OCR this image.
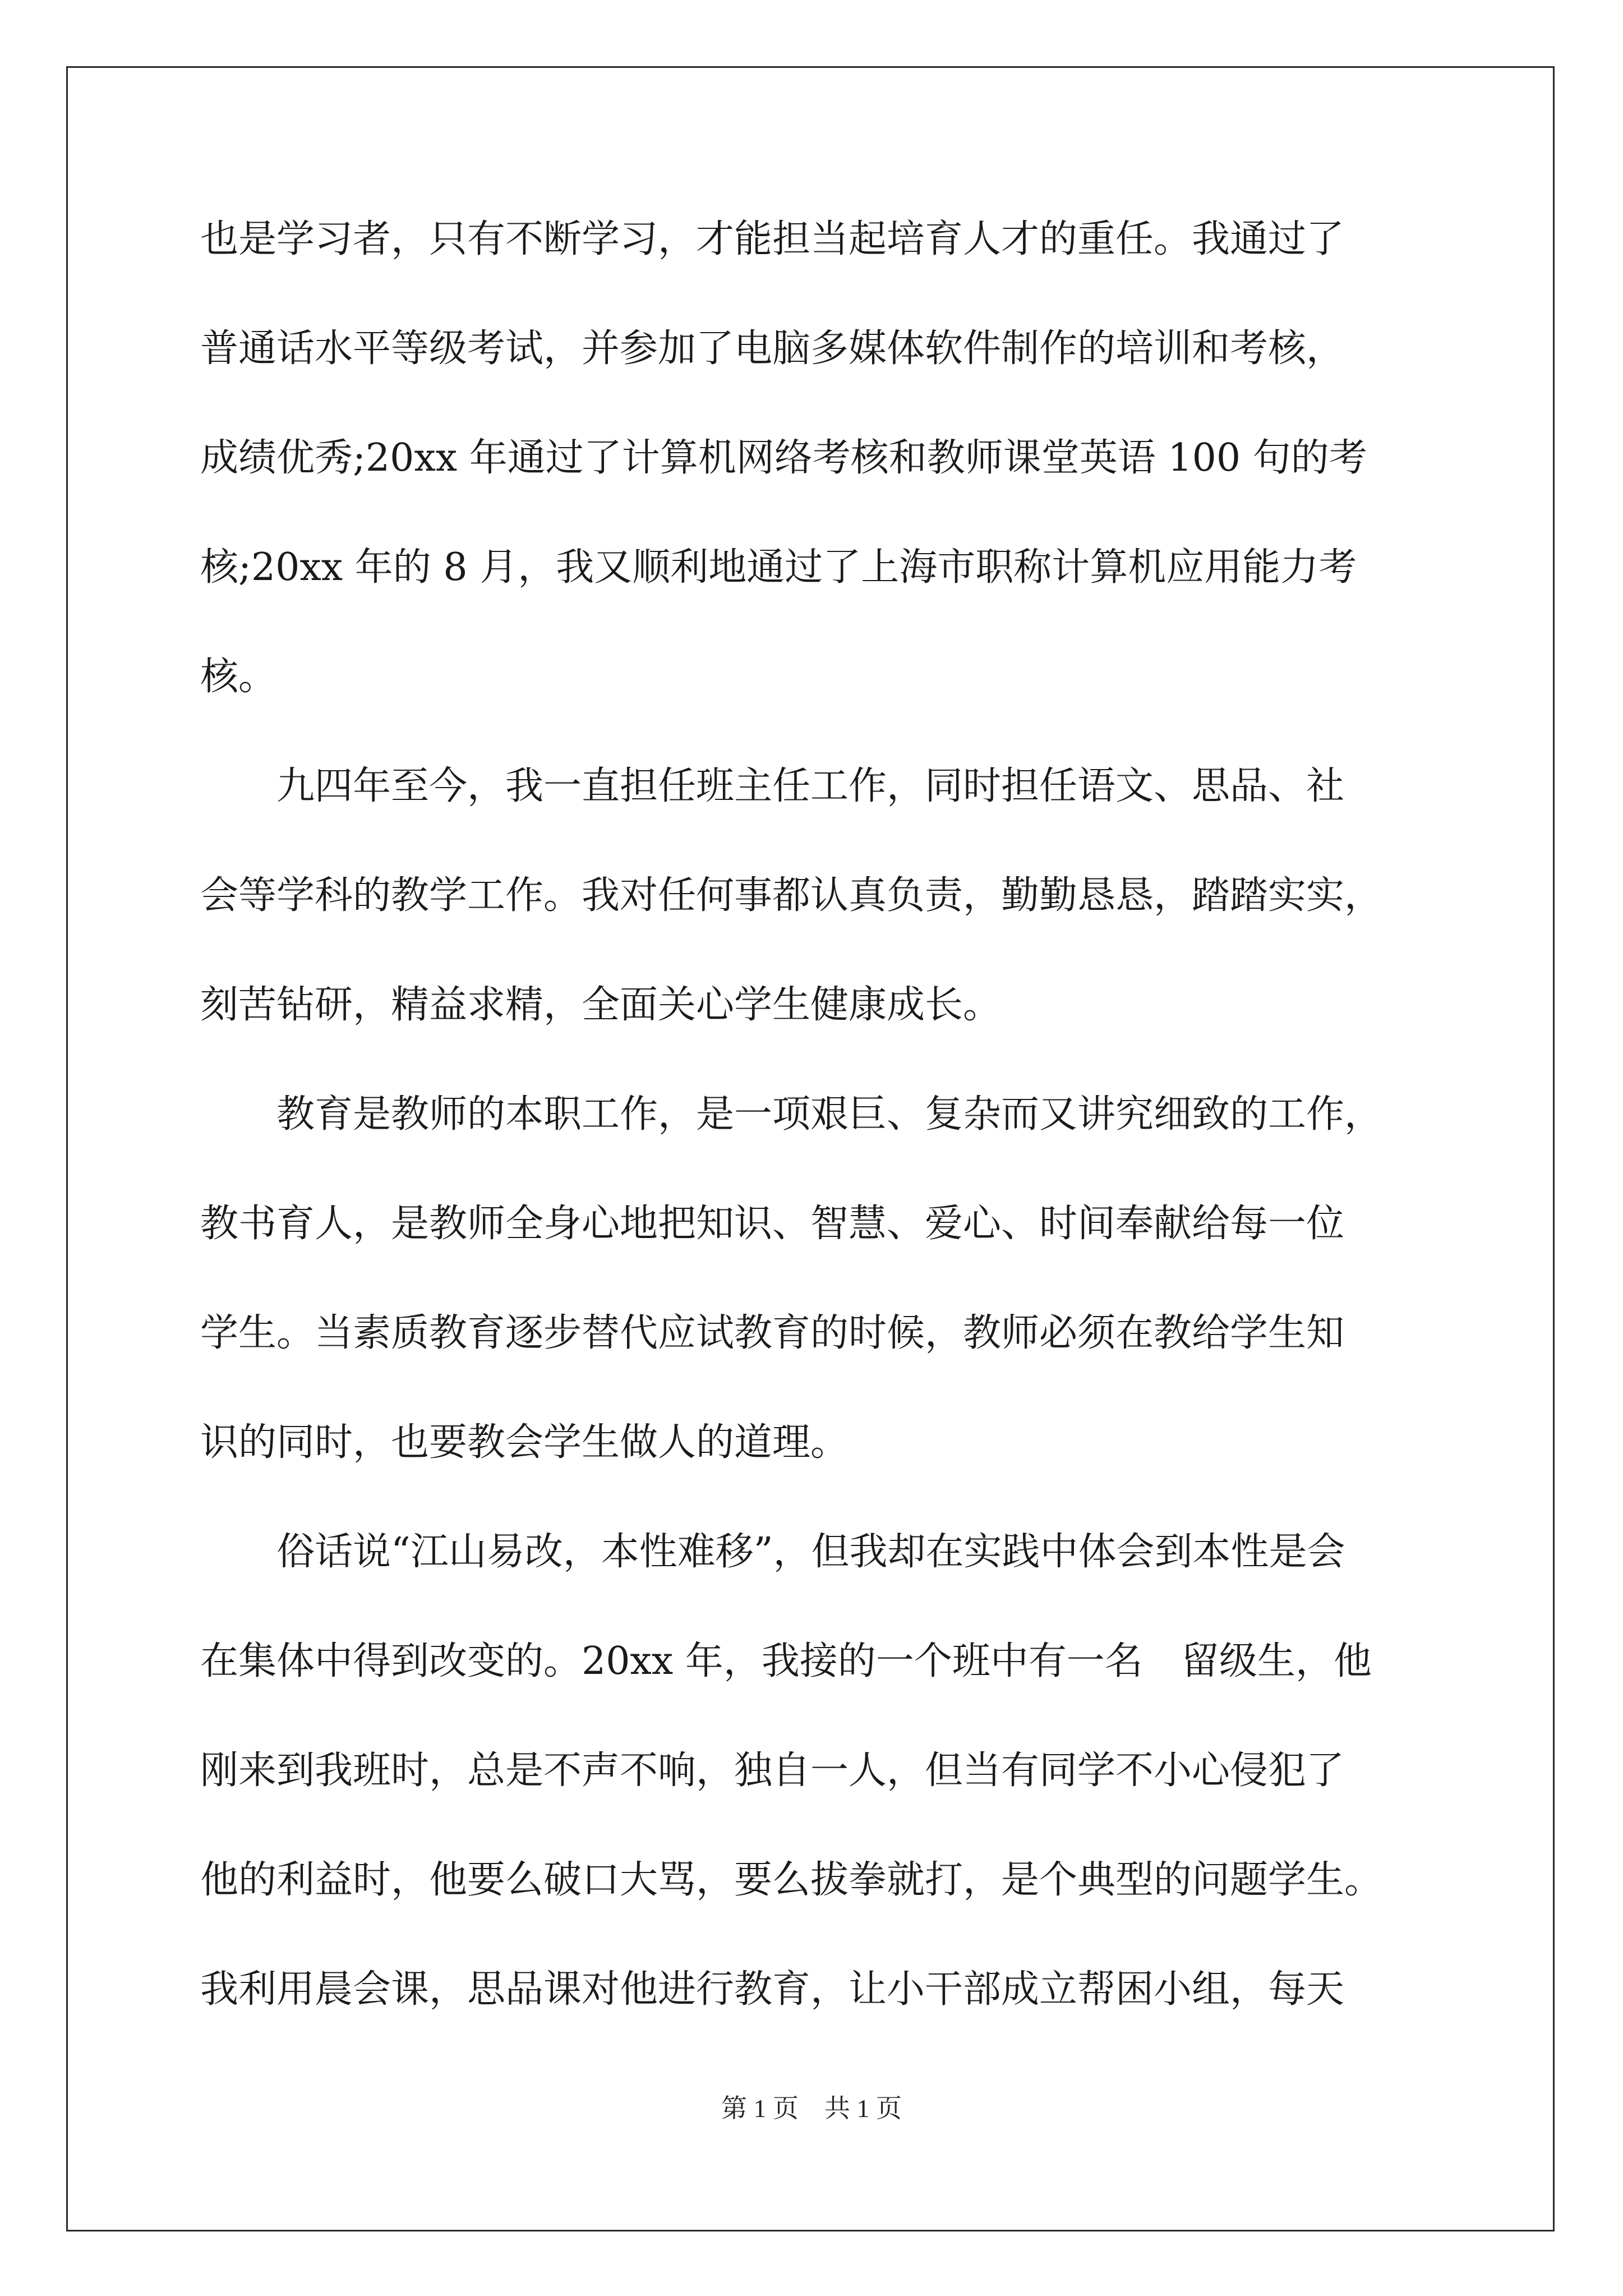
也是学习者，只有不断学习，才能担当起培育人才的重任。我通过了
普通话水平等级考试，并参加了电脑多媒体软件制作的培训和考核，
成绩优秀;20xx 年通过了计算机网络考核和教师课堂英语 100 句的考
核;20xx 年的 8 月，我又顺利地通过了上海市职称计算机应用能力考
核。
　　九四年至今，我一直担任班主任工作，同时担任语文、思品、社
会等学科的教学工作。我对任何事都认真负责，勤勤恳恳，踏踏实实，
刻苦钻研，精益求精，全面关心学生健康成长。
　　教育是教师的本职工作，是一项艰巨、复杂而又讲究细致的工作，
教书育人，是教师全身心地把知识、智慧、爱心、时间奉献给每一位
学生。当素质教育逐步替代应试教育的时候，教师必须在教给学生知
识的同时，也要教会学生做人的道理。
　　俗话说“江山易改，本性难移”，但我却在实践中体会到本性是会
在集体中得到改变的。20xx 年，我接的一个班中有一名　留级生，他
刚来到我班时，总是不声不响，独自一人，但当有同学不小心侵犯了
他的利益时，他要么破口大骂，要么拔拳就打，是个典型的问题学生。
我利用晨会课，思品课对他进行教育，让小干部成立帮困小组，每天
第 1 页　共 1 页
